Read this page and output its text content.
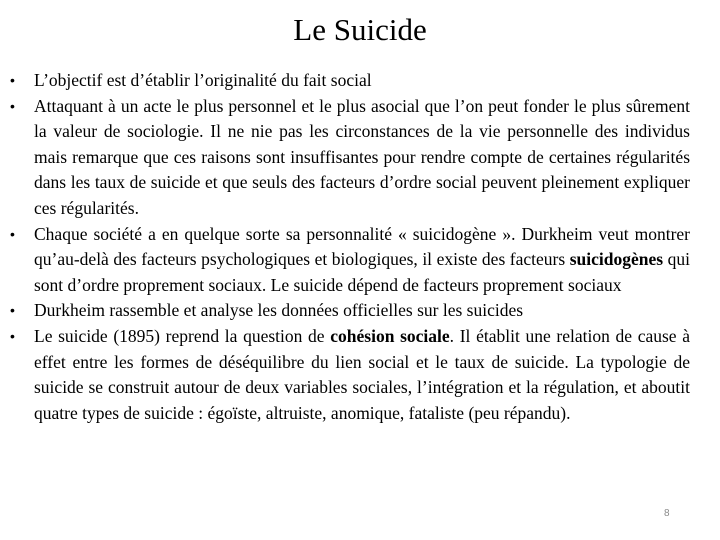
Le Suicide
• L’objectif est d’établir l’originalité du fait social
• Attaquant à un acte le plus personnel et le plus asocial que l’on peut fonder le plus sûrement la valeur de sociologie. Il ne nie pas les circonstances de la vie personnelle des individus mais remarque que ces raisons sont insuffisantes pour rendre compte de certaines régularités dans les taux de suicide et que seuls des facteurs d’ordre social peuvent pleinement expliquer ces régularités.
• Chaque société a en quelque sorte sa personnalité « suicidogène ». Durkheim veut montrer qu’au-delà des facteurs psychologiques et biologiques, il existe des facteurs suicidogènes qui sont d’ordre proprement sociaux. Le suicide dépend de facteurs proprement sociaux
• Durkheim rassemble et analyse les données officielles sur les suicides
• Le suicide (1895) reprend la question de cohésion sociale. Il établit une relation de cause à effet entre les formes de déséquilibre du lien social et le taux de suicide. La typologie de suicide se construit autour de deux variables sociales, l’intégration et la régulation, et aboutit quatre types de suicide : égoïste, altruiste, anomique, fataliste (peu répandu).
8
